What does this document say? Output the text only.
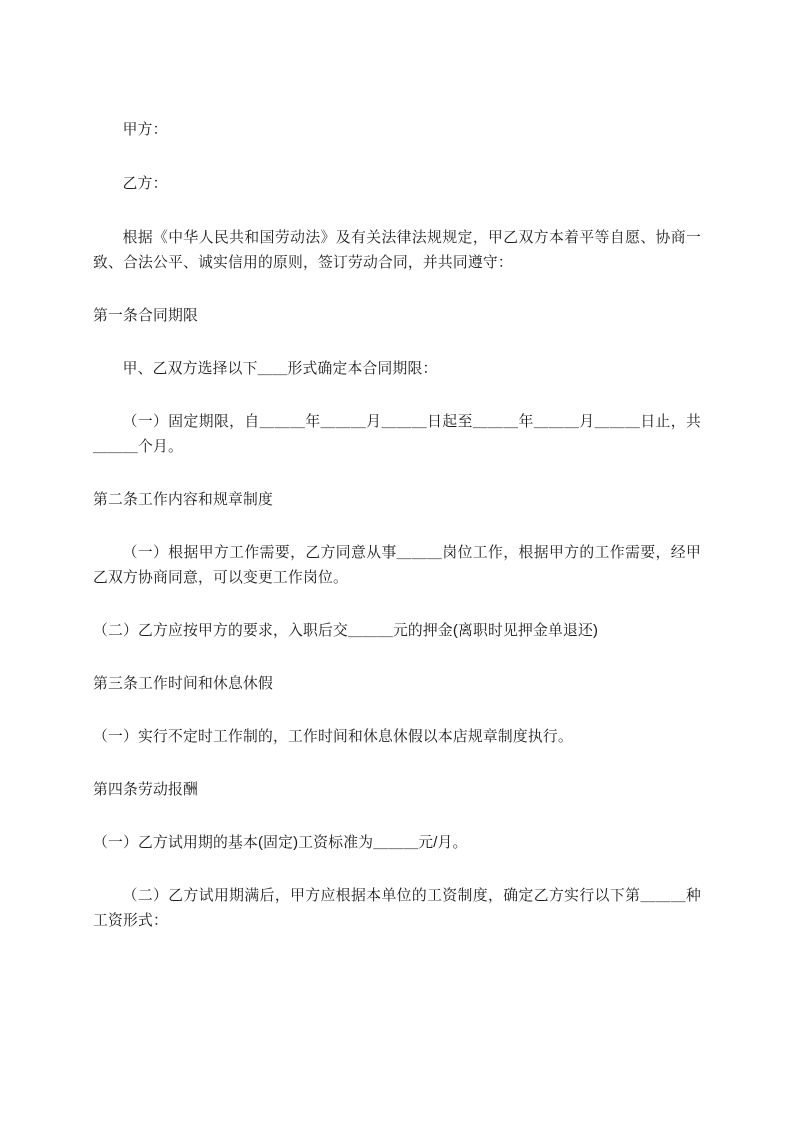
甲方：

乙方：

根据《中华人民共和国劳动法》及有关法律法规规定，甲乙双方本着平等自愿、协商一致、合法公平、诚实信用的原则，签订劳动合同，并共同遵守：

第一条合同期限

甲、乙双方选择以下＿＿形式确定本合同期限：

（一）固定期限，自＿＿＿年＿＿＿月＿＿＿日起至＿＿＿年＿＿＿月＿＿＿日止，共＿＿＿个月。

第二条工作内容和规章制度

（一）根据甲方工作需要，乙方同意从事＿＿＿岗位工作，根据甲方的工作需要，经甲乙双方协商同意，可以变更工作岗位。

（二）乙方应按甲方的要求，入职后交＿＿＿元的押金(离职时见押金单退还)

第三条工作时间和休息休假

（一）实行不定时工作制的，工作时间和休息休假以本店规章制度执行。

第四条劳动报酬

（一）乙方试用期的基本(固定)工资标准为＿＿＿元/月。

（二）乙方试用期满后，甲方应根据本单位的工资制度，确定乙方实行以下第＿＿＿种工资形式：
